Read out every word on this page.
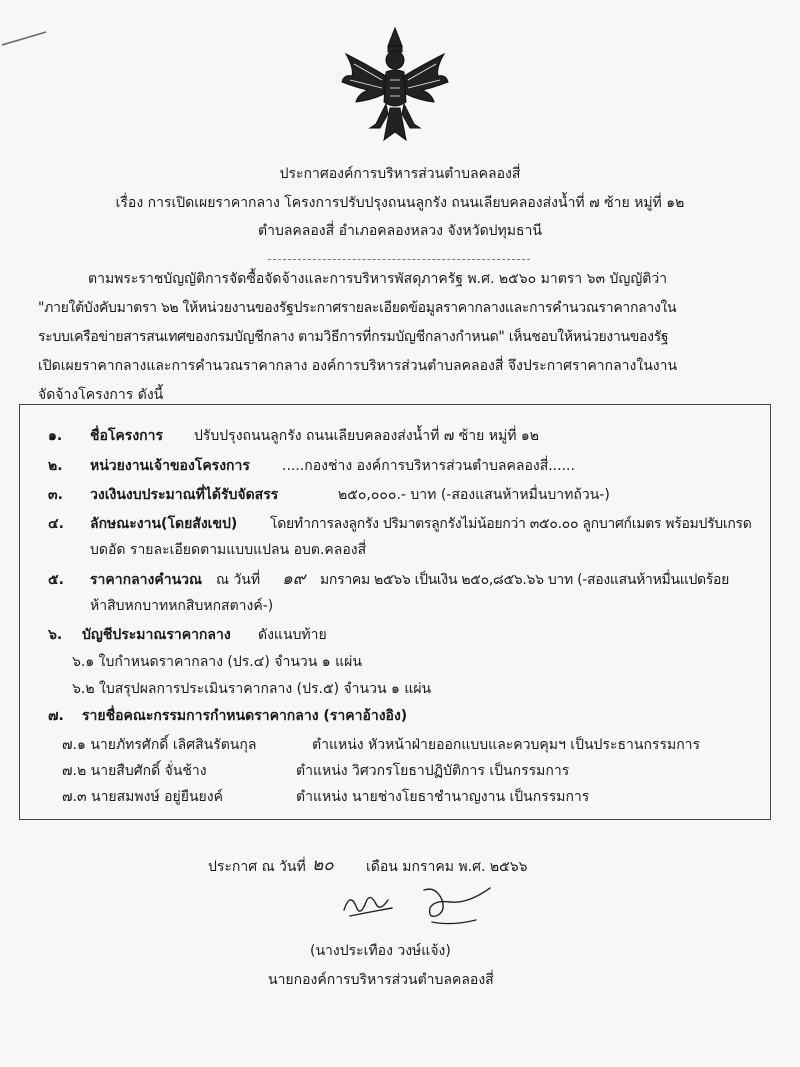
ประกาศองค์การบริหารส่วนตำบลคลองสี่
เรื่อง การเปิดเผยราคากลาง โครงการปรับปรุงถนนลูกรัง ถนนเลียบคลองส่งน้ำที่ ๗ ซ้าย หมู่ที่ ๑๒
ตำบลคลองสี่ อำเภอคลองหลวง จังหวัดปทุมธานี
ตามพระราชบัญญัติการจัดซื้อจัดจ้างและการบริหารพัสดุภาครัฐ พ.ศ. ๒๕๖๐ มาตรา ๖๓ บัญญัติว่า
"ภายใต้บังคับมาตรา ๖๒ ให้หน่วยงานของรัฐประกาศรายละเอียดข้อมูลราคากลางและการคำนวณราคากลางใน
ระบบเครือข่ายสารสนเทศของกรมบัญชีกลาง ตามวิธีการที่กรมบัญชีกลางกำหนด" เห็นชอบให้หน่วยงานของรัฐ
เปิดเผยราคากลางและการคำนวณราคากลาง องค์การบริหารส่วนตำบลคลองสี่ จึงประกาศราคากลางในงาน
จัดจ้างโครงการ ดังนี้
๑. ชื่อโครงการ ปรับปรุงถนนลูกรัง ถนนเลียบคลองส่งน้ำที่ ๗ ซ้าย หมู่ที่ ๑๒
๒. หน่วยงานเจ้าของโครงการ .....กองช่าง องค์การบริหารส่วนตำบลคลองสี่......
๓. วงเงินงบประมาณที่ได้รับจัดสรร	๒๕๐,๐๐๐.- บาท (-สองแสนห้าหมื่นบาทถ้วน-)
๔. ลักษณะงาน(โดยสังเขป) โดยทำการลงลูกรัง ปริมาตรลูกรังไม่น้อยกว่า ๓๕๐.๐๐ ลูกบาศก์เมตร พร้อมปรับเกรด
บดอัด รายละเอียดตามแบบแปลน อบต.คลองสี่
๕. ราคากลางคำนวณ ณ วันที่ ๑๙ มกราคม ๒๕๖๖ เป็นเงิน ๒๕๐,๘๕๖.๖๖ บาท (-สองแสนห้าหมื่นแปดร้อย
ห้าสิบหกบาทหกสิบหกสตางค์-)
๖. บัญชีประมาณราคากลาง ดังแนบท้าย
๖.๑ ใบกำหนดราคากลาง (ปร.๔) จำนวน ๑ แผ่น
๖.๒ ใบสรุปผลการประเมินราคากลาง (ปร.๕) จำนวน ๑ แผ่น
๗. รายชื่อคณะกรรมการกำหนดราคากลาง (ราคาอ้างอิง)
๗.๑ นายภัทรศักดิ์ เลิศสินรัตนกุล	ตำแหน่ง หัวหน้าฝ่ายออกแบบและควบคุมฯ เป็นประธานกรรมการ
๗.๒ นายสืบศักดิ์ จั่นช้าง	ตำแหน่ง วิศวกรโยธาปฏิบัติการ เป็นกรรมการ
๗.๓ นายสมพงษ์ อยู่ยืนยงค์	ตำแหน่ง นายช่างโยธาชำนาญงาน เป็นกรรมการ
ประกาศ ณ วันที่ ๒๐ เดือน มกราคม พ.ศ. ๒๕๖๖
(นางประเทือง วงษ์แจ้ง)
นายกองค์การบริหารส่วนตำบลคลองสี่
